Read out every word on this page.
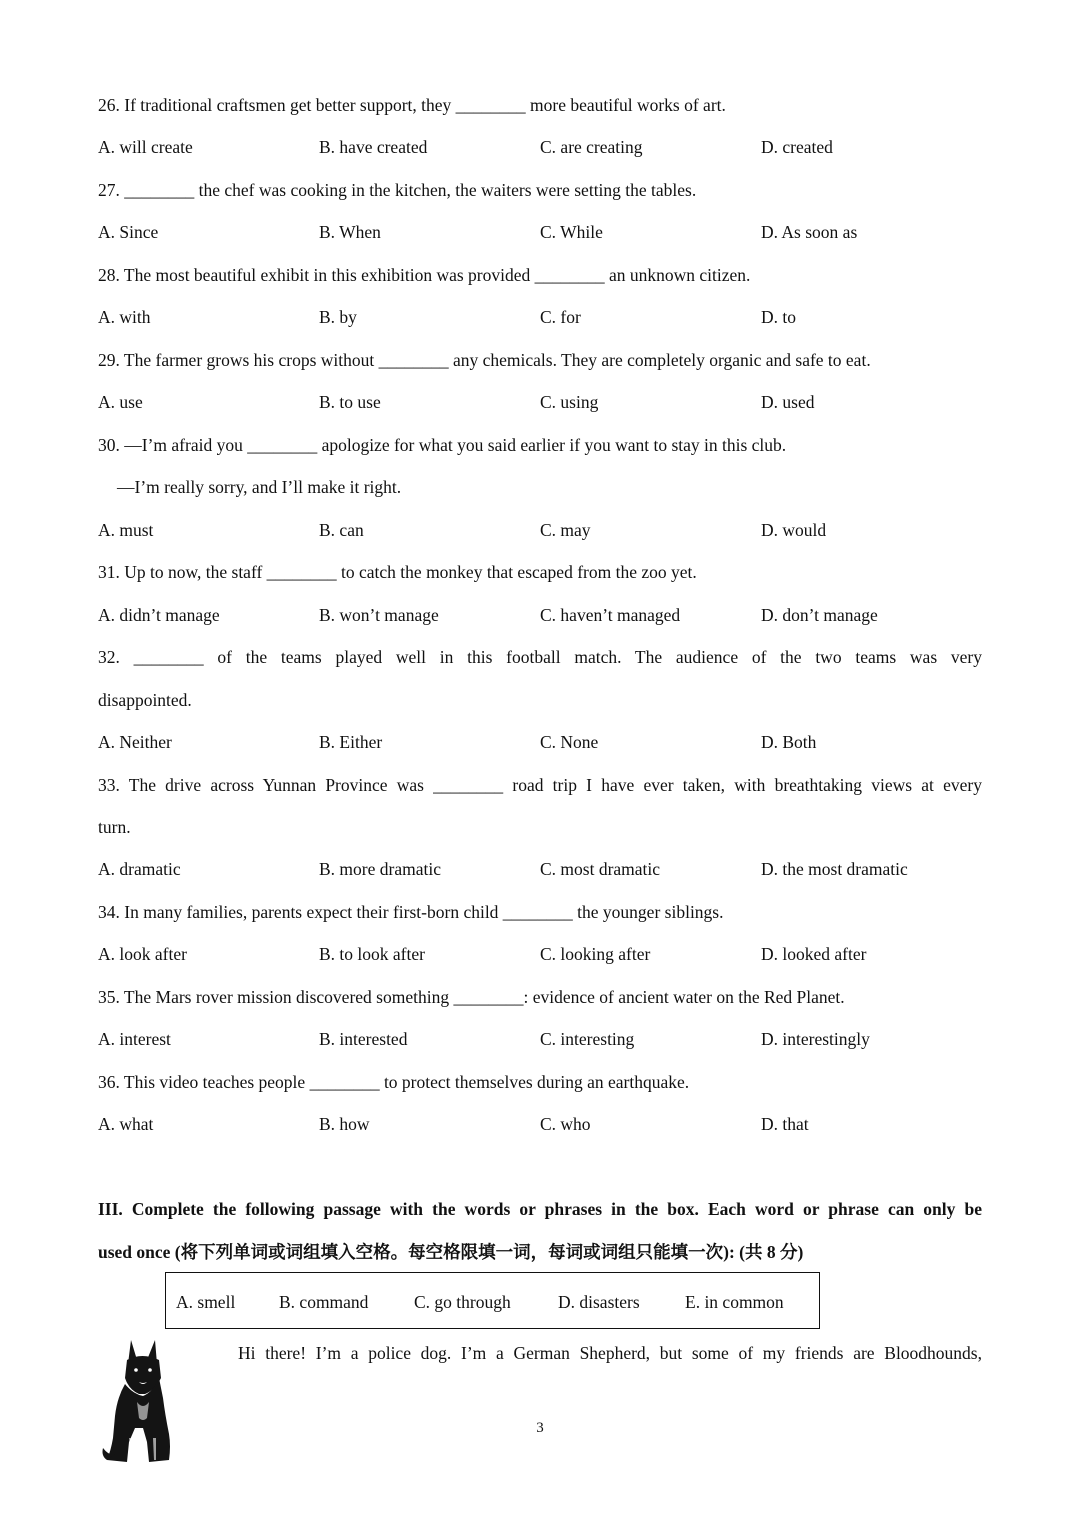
26. If traditional craftsmen get better support, they ________ more beautiful works of art.
A. will create	B. have created	C. are creating	D. created
27. ________ the chef was cooking in the kitchen, the waiters were setting the tables.
A. Since	B. When	C. While	D. As soon as
28. The most beautiful exhibit in this exhibition was provided ________ an unknown citizen.
A. with	B. by	C. for	D. to
29. The farmer grows his crops without ________ any chemicals. They are completely organic and safe to eat.
A. use	B. to use	C. using	D. used
30. —I’m afraid you ________ apologize for what you said earlier if you want to stay in this club.
—I’m really sorry, and I’ll make it right.
A. must	B. can	C. may	D. would
31. Up to now, the staff ________ to catch the monkey that escaped from the zoo yet.
A. didn’t manage	B. won’t manage	C. haven’t managed	D. don’t manage
32. ________ of the teams played well in this football match. The audience of the two teams was very
disappointed.
A. Neither	B. Either	C. None	D. Both
33. The drive across Yunnan Province was ________ road trip I have ever taken, with breathtaking views at every
turn.
A. dramatic	B. more dramatic	C. most dramatic	D. the most dramatic
34. In many families, parents expect their first-born child ________ the younger siblings.
A. look after	B. to look after	C. looking after	D. looked after
35. The Mars rover mission discovered something ________: evidence of ancient water on the Red Planet.
A. interest	B. interested	C. interesting	D. interestingly
36. This video teaches people ________ to protect themselves during an earthquake.
A. what	B. how	C. who	D. that
III. Complete the following passage with the words or phrases in the box. Each word or phrase can only be
used once (将下列单词或词组填入空格。每空格限填一词，每词或词组只能填一次): (共 8 分)
A. smell B. command	C. go through	D. disasters	E. in common
Hi there! I’m a police dog. I’m a German Shepherd, but some of my friends are Bloodhounds,
3
